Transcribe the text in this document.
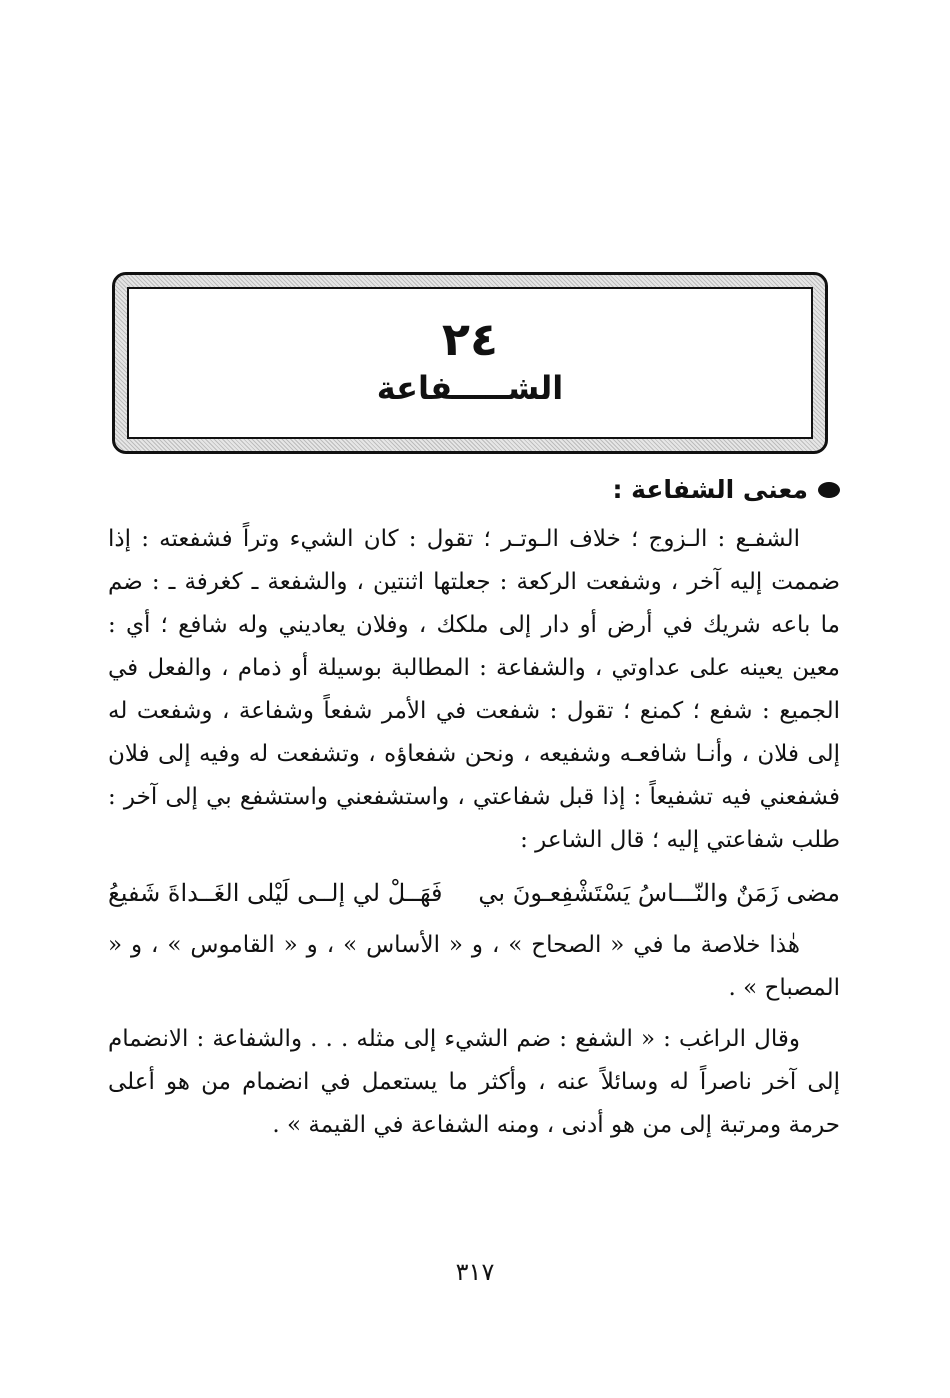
٢٤
الشـــــفاعة
معنى الشفاعة :

الشفـع : الـزوج ؛ خلاف الـوتـر ؛ تقول : كان الشيء وتراً فشفعته : إذا ضممت إليه آخر ، وشفعت الركعة : جعلتها اثنتين ، والشفعة ـ كغرفة ـ : ضم ما باعه شريك في أرض أو دار إلى ملكك ، وفلان يعاديني وله شافع ؛ أي : معين يعينه على عداوتي ، والشفاعة : المطالبة بوسيلة أو ذمام ، والفعل في الجميع : شفع ؛ كمنع ؛ تقول : شفعت في الأمر شفعاً وشفاعة ، وشفعت له إلى فلان ، وأنـا شافعـه وشفيعه ، ونحن شفعاؤه ، وتشفعت له وفيه إلى فلان فشفعني فيه تشفيعاً : إذا قبل شفاعتي ، واستشفعني واستشفع بي إلى آخر : طلب شفاعتي إليه ؛ قال الشاعر :

مضى زَمَنٌ والنّـــاسُ يَسْتَشْفِعـونَ بي
فَهَــلْ لي إلــى لَيْلى الغَــداةَ شَفيعُ

هٰذا خلاصة ما في « الصحاح » ، و « الأساس » ، و « القاموس » ، و « المصباح » .

وقال الراغب : « الشفع : ضم الشيء إلى مثله . . . والشفاعة : الانضمام إلى آخر ناصراً له وسائلاً عنه ، وأكثر ما يستعمل في انضمام من هو أعلى حرمة ومرتبة إلى من هو أدنى ، ومنه الشفاعة في القيمة » .

٣١٧
